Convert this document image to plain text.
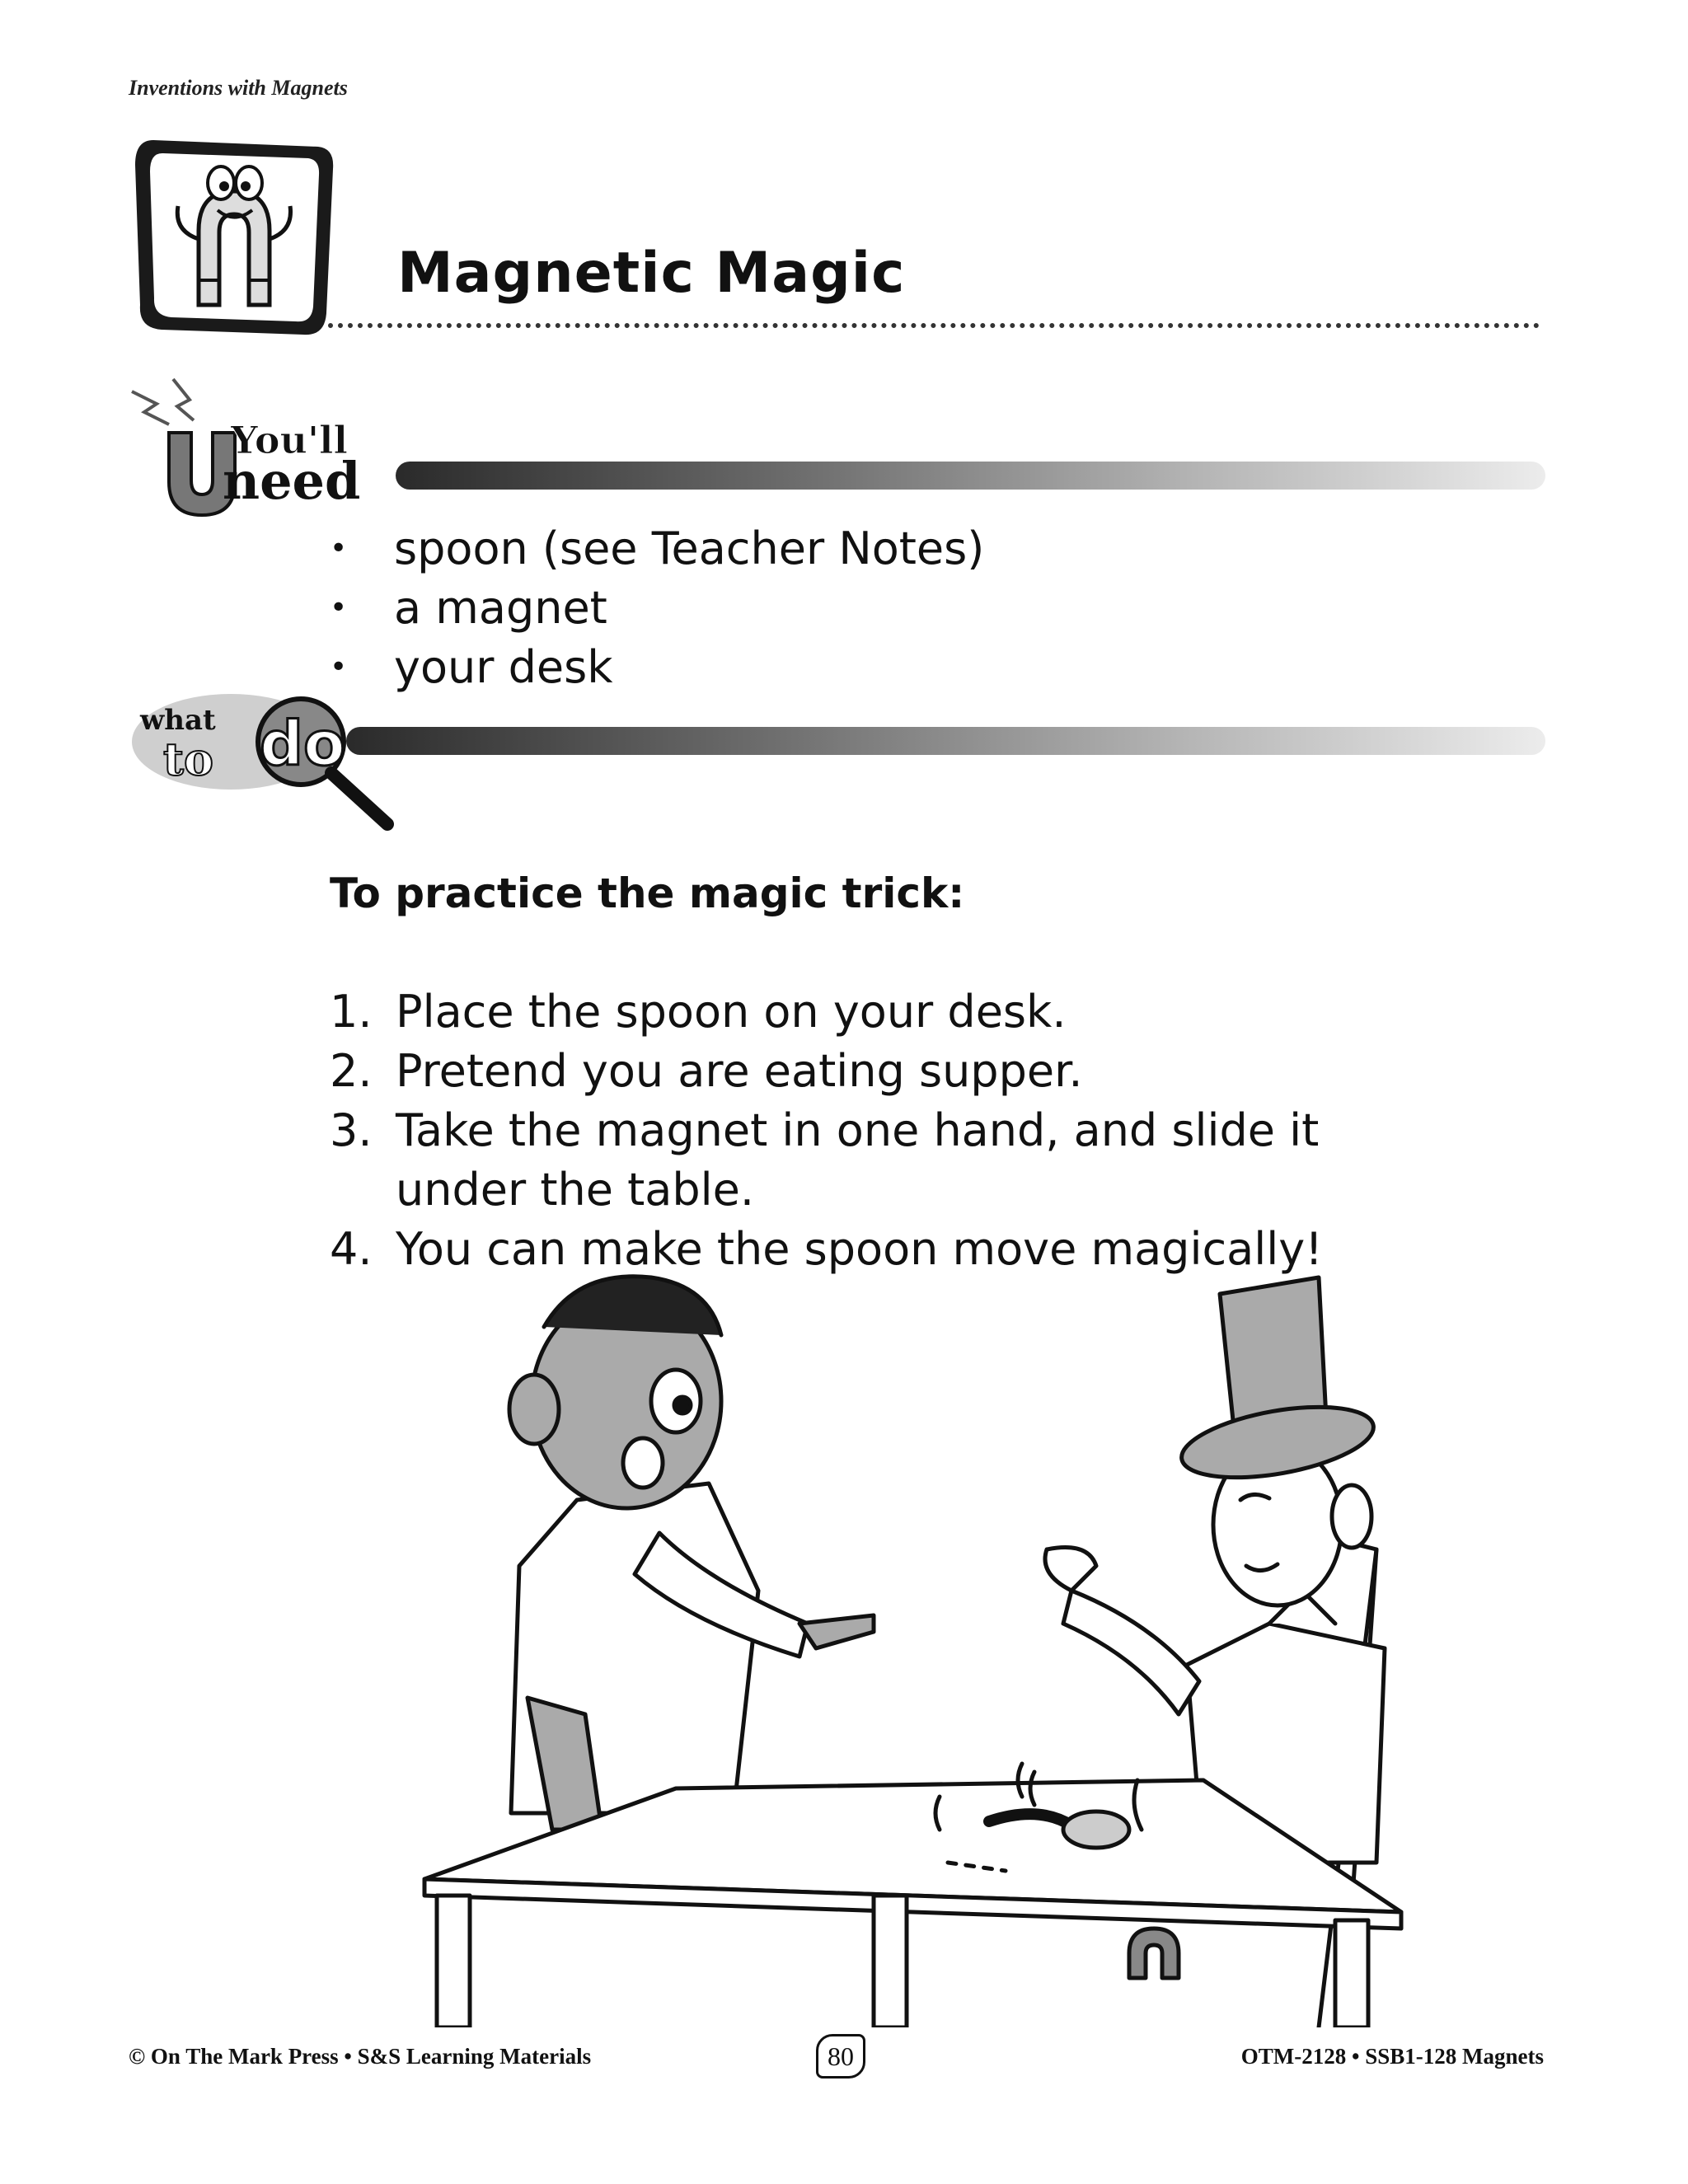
Inventions with Magnets
Magnetic Magic
You'll
need
• spoon (see Teacher Notes)
• a magnet
• your desk
what
to do
To practice the magic trick:
1. Place the spoon on your desk.
2. Pretend you are eating supper.
3. Take the magnet in one hand, and slide it under the table.
4. You can make the spoon move magically!
© On The Mark Press • S&S Learning Materials	80	OTM-2128 • SSB1-128 Magnets
